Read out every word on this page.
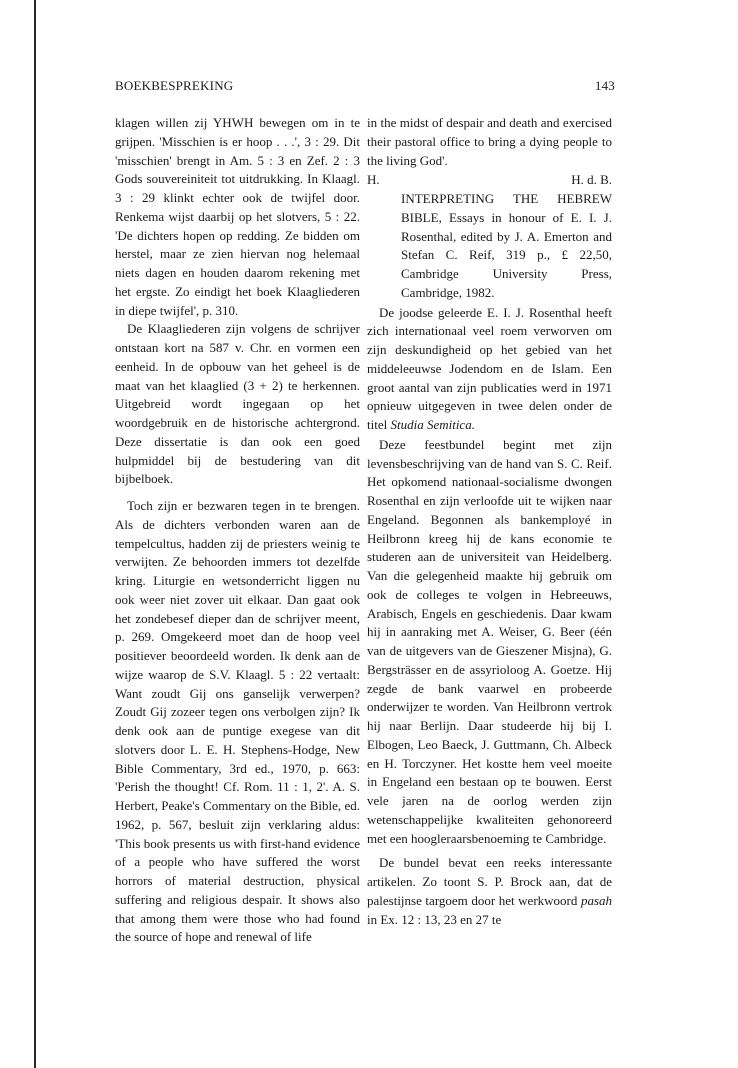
BOEKBESPREKING	143

klagen willen zij YHWH bewegen om in te grijpen. 'Misschien is er hoop . . .', 3 : 29. Dit 'misschien' brengt in Am. 5 : 3 en Zef. 2 : 3 Gods souvereiniteit tot uitdrukking. In Klaagl. 3 : 29 klinkt echter ook de twijfel door. Renkema wijst daarbij op het slotvers, 5 : 22. 'De dichters hopen op redding. Ze bidden om herstel, maar ze zien hiervan nog helemaal niets dagen en houden daarom rekening met het ergste. Zo eindigt het boek Klaagliederen in diepe twijfel', p. 310.

De Klaagliederen zijn volgens de schrijver ontstaan kort na 587 v. Chr. en vormen een eenheid. In de opbouw van het geheel is de maat van het klaaglied (3 + 2) te herkennen. Uitgebreid wordt ingegaan op het woordgebruik en de historische achtergrond. Deze dissertatie is dan ook een goed hulpmiddel bij de bestudering van dit bijbelboek.

Toch zijn er bezwaren tegen in te brengen. Als de dichters verbonden waren aan de tempelcultus, hadden zij de priesters weinig te verwijten. Ze behoorden immers tot dezelfde kring. Liturgie en wetsonderricht liggen nu ook weer niet zover uit elkaar. Dan gaat ook het zondebesef dieper dan de schrijver meent, p. 269. Omgekeerd moet dan de hoop veel positiever beoordeeld worden. Ik denk aan de wijze waarop de S.V. Klaagl. 5 : 22 vertaalt: Want zoudt Gij ons ganselijk verwerpen? Zoudt Gij zozeer tegen ons verbolgen zijn? Ik denk ook aan de puntige exegese van dit slotvers door L. E. H. Stephens-Hodge, New Bible Commentary, 3rd ed., 1970, p. 663: 'Perish the thought! Cf. Rom. 11 : 1, 2'. A. S. Herbert, Peake's Commentary on the Bible, ed. 1962, p. 567, besluit zijn verklaring aldus: 'This book presents us with first-hand evidence of a people who have suffered the worst horrors of material destruction, physical suffering and religious despair. It shows also that among them were those who had found the source of hope and renewal of life

in the midst of despair and death and exercised their pastoral office to bring a dying people to the living God'.

H.	H. d. B.

INTERPRETING THE HEBREW BIBLE, Essays in honour of E. I. J. Rosenthal, edited by J. A. Emerton and Stefan C. Reif, 319 p., £ 22,50, Cambridge University Press, Cambridge, 1982.

De joodse geleerde E. I. J. Rosenthal heeft zich internationaal veel roem verworven om zijn deskundigheid op het gebied van het middeleeuwse Jodendom en de Islam. Een groot aantal van zijn publicaties werd in 1971 opnieuw uitgegeven in twee delen onder de titel Studia Semitica.

Deze feestbundel begint met zijn levensbeschrijving van de hand van S. C. Reif. Het opkomend nationaal-socialisme dwongen Rosenthal en zijn verloofde uit te wijken naar Engeland. Begonnen als bankemployé in Heilbronn kreeg hij de kans economie te studeren aan de universiteit van Heidelberg. Van die gelegenheid maakte hij gebruik om ook de colleges te volgen in Hebreeuws, Arabisch, Engels en geschiedenis. Daar kwam hij in aanraking met A. Weiser, G. Beer (één van de uitgevers van de Gieszener Misjna), G. Bergsträsser en de assyrioloog A. Goetze. Hij zegde de bank vaarwel en probeerde onderwijzer te worden. Van Heilbronn vertrok hij naar Berlijn. Daar studeerde hij bij I. Elbogen, Leo Baeck, J. Guttmann, Ch. Albeck en H. Torczyner. Het kostte hem veel moeite in Engeland een bestaan op te bouwen. Eerst vele jaren na de oorlog werden zijn wetenschappelijke kwaliteiten gehonoreerd met een hoogleraarsbenoeming te Cambridge.

De bundel bevat een reeks interessante artikelen. Zo toont S. P. Brock aan, dat de palestijnse targoem door het werkwoord pasah in Ex. 12 : 13, 23 en 27 te
